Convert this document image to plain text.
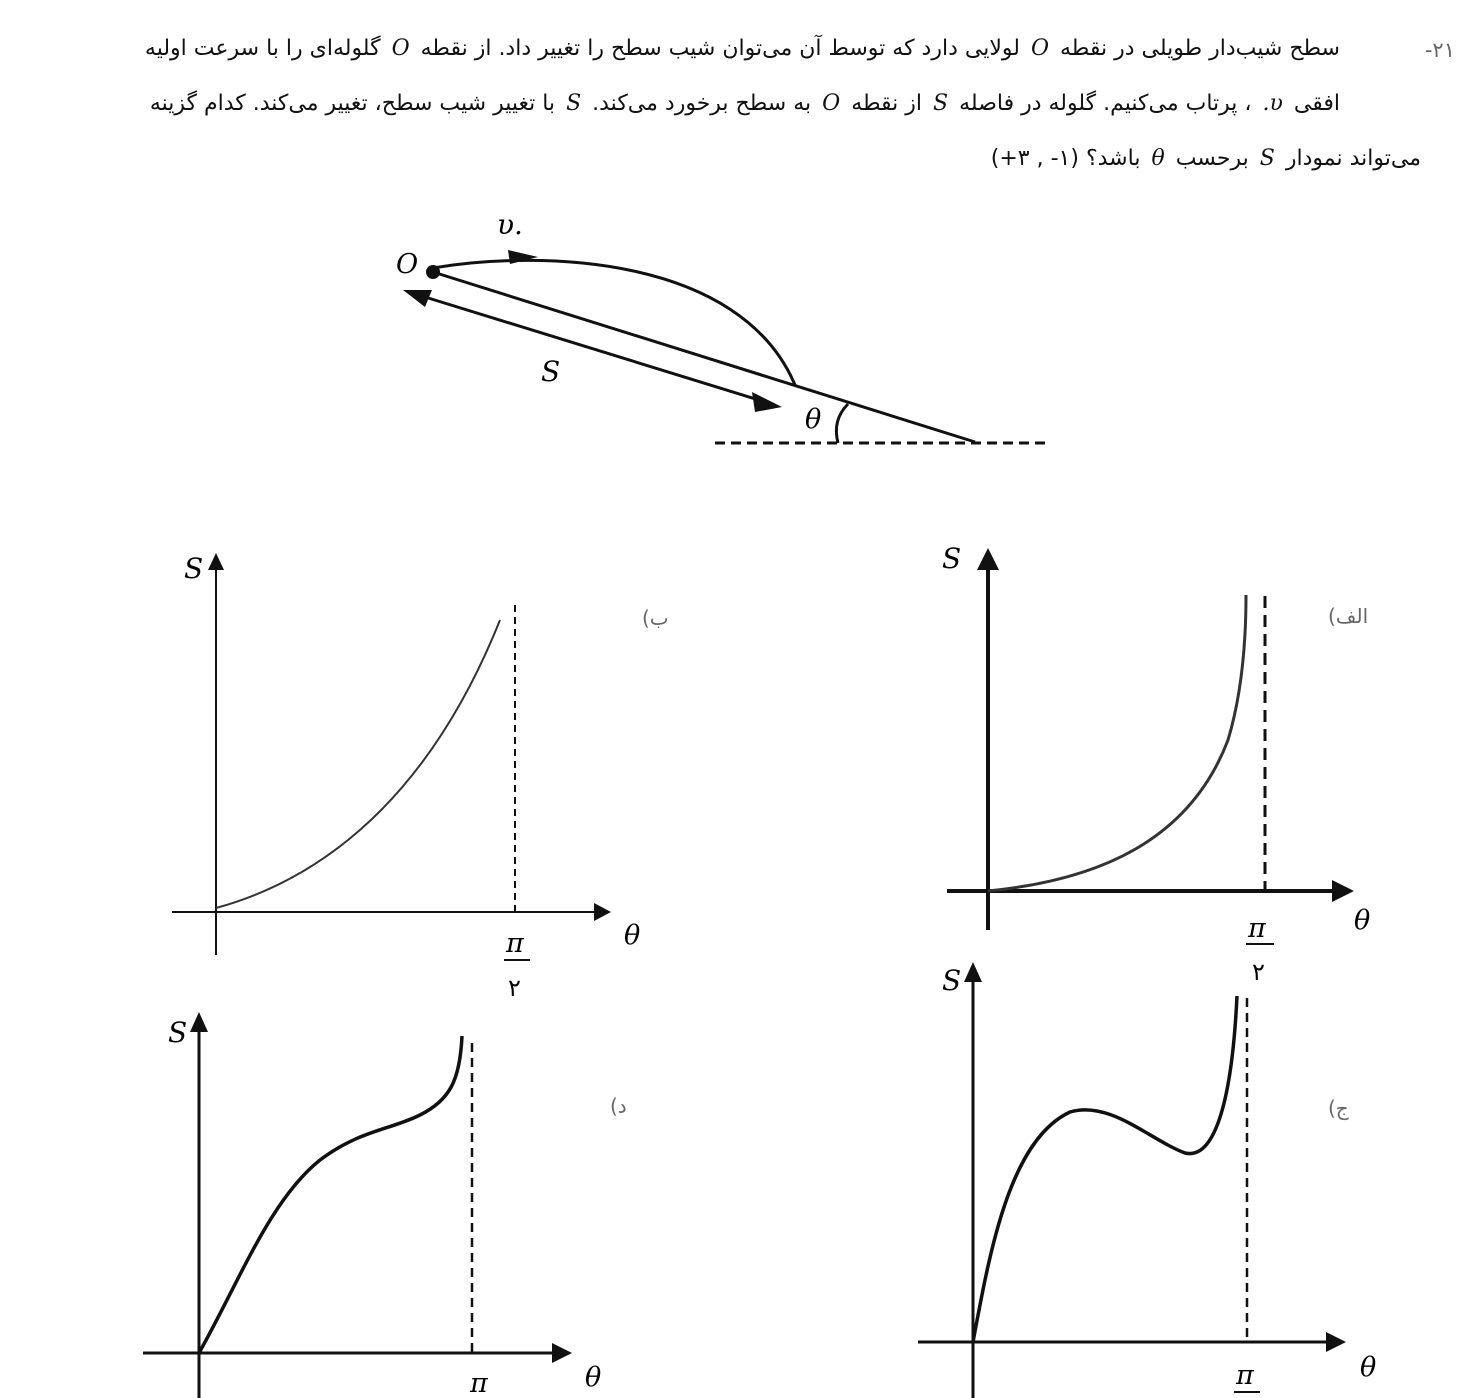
-۲۱
سطح شیب‌دار طویلی در نقطه O لولایی دارد که توسط آن می‌توان شیب سطح را تغییر داد. از نقطه O گلوله‌ای را با سرعت اولیه
افقی υ. ، پرتاب می‌کنیم. گلوله در فاصله S از نقطه O به سطح برخورد می‌کند. S با تغییر شیب سطح، تغییر می‌کند. کدام گزینه
می‌تواند نمودار S برحسب θ باشد؟ (۱- , ۳+)
υ.
O
S
θ
S
θ
π
۲
S
θ
π
۲	S
θ
π
S
θ
π
الف)
ب)
ج)
د)
